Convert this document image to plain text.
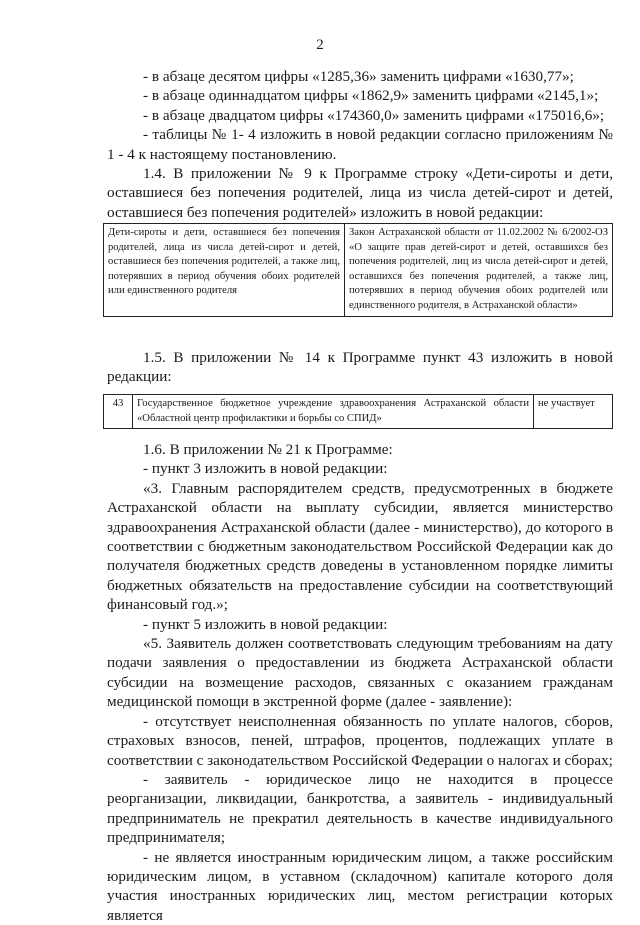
2

- в абзаце десятом цифры «1285,36» заменить цифрами «1630,77»;

- в абзаце одиннадцатом цифры «1862,9» заменить цифрами «2145,1»;

- в абзаце двадцатом цифры «174360,0» заменить цифрами «175016,6»;

- таблицы № 1- 4 изложить в новой редакции согласно приложениям № 1 - 4 к настоящему постановлению.

1.4. В приложении № 9 к Программе строку «Дети-сироты и дети, оставшиеся без попечения родителей, лица из числа детей-сирот и детей, оставшиеся без попечения родителей» изложить в новой редакции:

Дети-сироты и дети, оставшиеся без попечения родителей, лица из числа детей-сирот и детей, оставшиеся без попечения родителей, а также лиц, потерявших в период обучения обоих родителей или единственного родителя	Закон Астраханской области от 11.02.2002 № 6/2002-ОЗ «О защите прав детей-сирот и детей, оставшихся без попечения родителей, лиц из числа детей-сирот и детей, оставшихся без попечения родителей, а также лиц, потерявших в период обучения обоих родителей или единственного родителя, в Астраханской области»

1.5. В приложении № 14 к Программе пункт 43 изложить в новой редакции:

43	Государственное бюджетное учреждение здравоохранения Астраханской области «Областной центр профилактики и борьбы со СПИД»	не участвует

1.6. В приложении № 21 к Программе:

- пункт 3 изложить в новой редакции:

«3. Главным распорядителем средств, предусмотренных в бюджете Астраханской области на выплату субсидии, является министерство здравоохранения Астраханской области (далее - министерство), до которого в соответствии с бюджетным законодательством Российской Федерации как до получателя бюджетных средств доведены в установленном порядке лимиты бюджетных обязательств на предоставление субсидии на соответствующий финансовый год.»;

- пункт 5 изложить в новой редакции:

«5. Заявитель должен соответствовать следующим требованиям на дату подачи заявления о предоставлении из бюджета Астраханской области субсидии на возмещение расходов, связанных с оказанием гражданам медицинской помощи в экстренной форме (далее - заявление):

- отсутствует неисполненная обязанность по уплате налогов, сборов, страховых взносов, пеней, штрафов, процентов, подлежащих уплате в соответствии с законодательством Российской Федерации о налогах и сборах;

- заявитель - юридическое лицо не находится в процессе реорганизации, ликвидации, банкротства, а заявитель - индивидуальный предприниматель не прекратил деятельность в качестве индивидуального предпринимателя;

- не является иностранным юридическим лицом, а также российским юридическим лицом, в уставном (складочном) капитале которого доля участия иностранных юридических лиц, местом регистрации которых является
